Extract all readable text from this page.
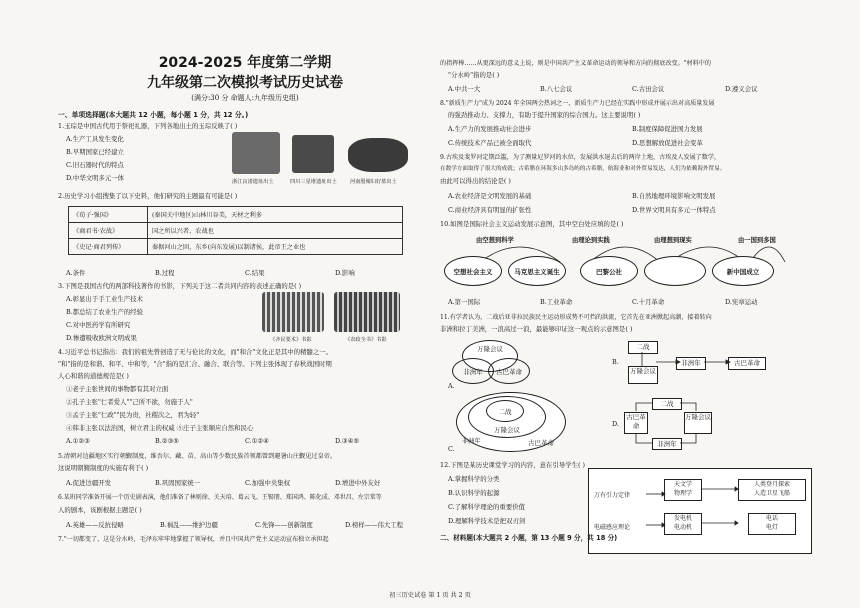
2024-2025 年度第二学期
九年级第二次模拟考试历史试卷
(满分:30 分 命题人:九年级历史组)
一、单项选择题(本大题共 12 小题，每小题 1 分，共 12 分。)
1.玉琮是中国古代用于祭祀礼器，下列各地出土的玉琮反映了( )
A.生产工具发生变化
B.早期国家已经建立
C.旧石器时代的特点
D.中华文明多元一体	浙江良渚遗址出土	四川三星堆遗址出土	河南殷墟妇好墓出土
2.历史学习小组搜集了以下史料，他们研究的主题最有可能是( )
《荀子·强国》	(秦国关中地区)山林川谷美，天材之利多
《商君书·农战》	国之所以兴者，农战也
《史记·商君列传》	秦据河山之固，东乡(向东发展)以制诸侯，此帝王之业也
A.条件	B.过程	C.结果	D.影响
3.下图是我国古代的两部科技著作的书影，下列关于这二者共同内容的表述正确的是( )
A.彰显出于手工业生产技术
B.都总结了农业生产的经验
C.对中医药学有所研究
D.惨遭吸收欧洲文明成果	《齐民要术》书影	《农政全书》书影
4.习近平总书记指出：我们的祖先曾创造了无与伦比的文化，而"和合"文化正是其中的精髓之一。
"和"指的是和谐、和平、中和等，"合"指的是汇合、融合、联合等。下列主张体现了春秋战国时期
人心和谐的道德规范是( )
①老子主张世间的事物都有其对立面
②孔子主张"仁者爱人""己所不欲，勿施于人"
③孟子主张"仁政""民为贵，社稷次之，君为轻"
④韩非主张以法治国，树立君主的权威 ⑤庄子主张顺应自然和民心
A.①②③	B.②③⑤	C.①②④	D.③④⑤
5.清朝对边疆地区实行朝觐制度，维吾尔、藏、苗、高山等少数民族首领都曾到避暑山庄觐见过皇帝。
这说明朝觐制度的实施有利于( )
A.促进边疆开发	B.巩固国家统一	C.加强中央集权	D.增进中外友好
6.某班同学准备开展一个历史剧表演，他们准备了林则徐、关天培、葛云飞、王锡朋、郑国鸿、陈化成、邓世昌、左宗棠等
人的剧本，该剧根据主题是( )
A.英雄——反抗侵略	B.祸乱——维护边疆	C.先锋——创新制度	D.榜样——伟大工程
7."一切都变了，这是分水岭，毛泽东牢牢地掌握了领导权，并且中国共产党主义运动宣布独立承担起
的指挥棒……从更深远的意义上说，则是中国共产主义革命运动的领导和方向的彻底改变。"材料中的
"分水岭"指的是( )
A.中共一大	B.八七会议	C.古田会议	D.遵义会议
8."新质生产力"成为 2024 年全国两会热词之一，新质生产力已经在实践中形成并展示出对高质量发展
的强劲推动力、支撑力，有助于提升国家的综合国力。这主要说明( )
A.生产力的发展推动社会进步	B.制度保障促进国力发展
C.传统技术产品已被全面取代	D.思想解放促进社会变革
9.古埃及斐罗河定期泛滥，为了测量尼罗河的水位，发展洪水退去后的两岸土地，古埃及人发展了数学，
在数学方面取得了很大的成就；古希腊在环海多山多岛屿的古希腊，航海业和对外贸易发达，人们为依赖海外贸易。
由此可以得出的结论是( )
A.农业经济是文明发展的基础	B.自然地理环境影响文明发展
C.商业经济具有明显的扩张性	D.世界文明具有多元一体特点
10.如图是国际社会主义运动发展示意图，其中空白处应填的是( )
由空想到科学	由理论到实践	由理想到现实	由一国到多国
空想社会主义	马克思主义诞生	巴黎公社	新中国成立
A.第一国际	B.工业革命	C.十月革命	D.宪章运动
11.有学者认为，二战后亚非拉民族民主运动形成势不可挡的洪流，它首先在亚洲掀起高潮，接着转向
非洲和拉丁美洲，一浪高过一浪，最能够印证这一观点的示意图是( )
A.
万隆会议
非洲年 古巴革命
B.
二战
万隆会议
非洲年	古巴革命
C.
古巴革命
万隆会议
二战
非洲年
D.
二战
古巴革命
万隆会议
非洲年
12.下图是某历史课堂学习的内容，意在引导学生( )
A.掌握科学的分类
B.认识科学的起源
C.了解科学理论的重要价值
D.理解科学技术是把双刃剑
万有引力定律
天文学
物理学
人类登月探索
人造卫星飞船
电磁感应理论
发电机
电动机
电话
电灯
二、材料题(本大题共 2 小题，第 13 小题 9 分，共 18 分)
初三历史试卷 第 1 页 共 2 页
